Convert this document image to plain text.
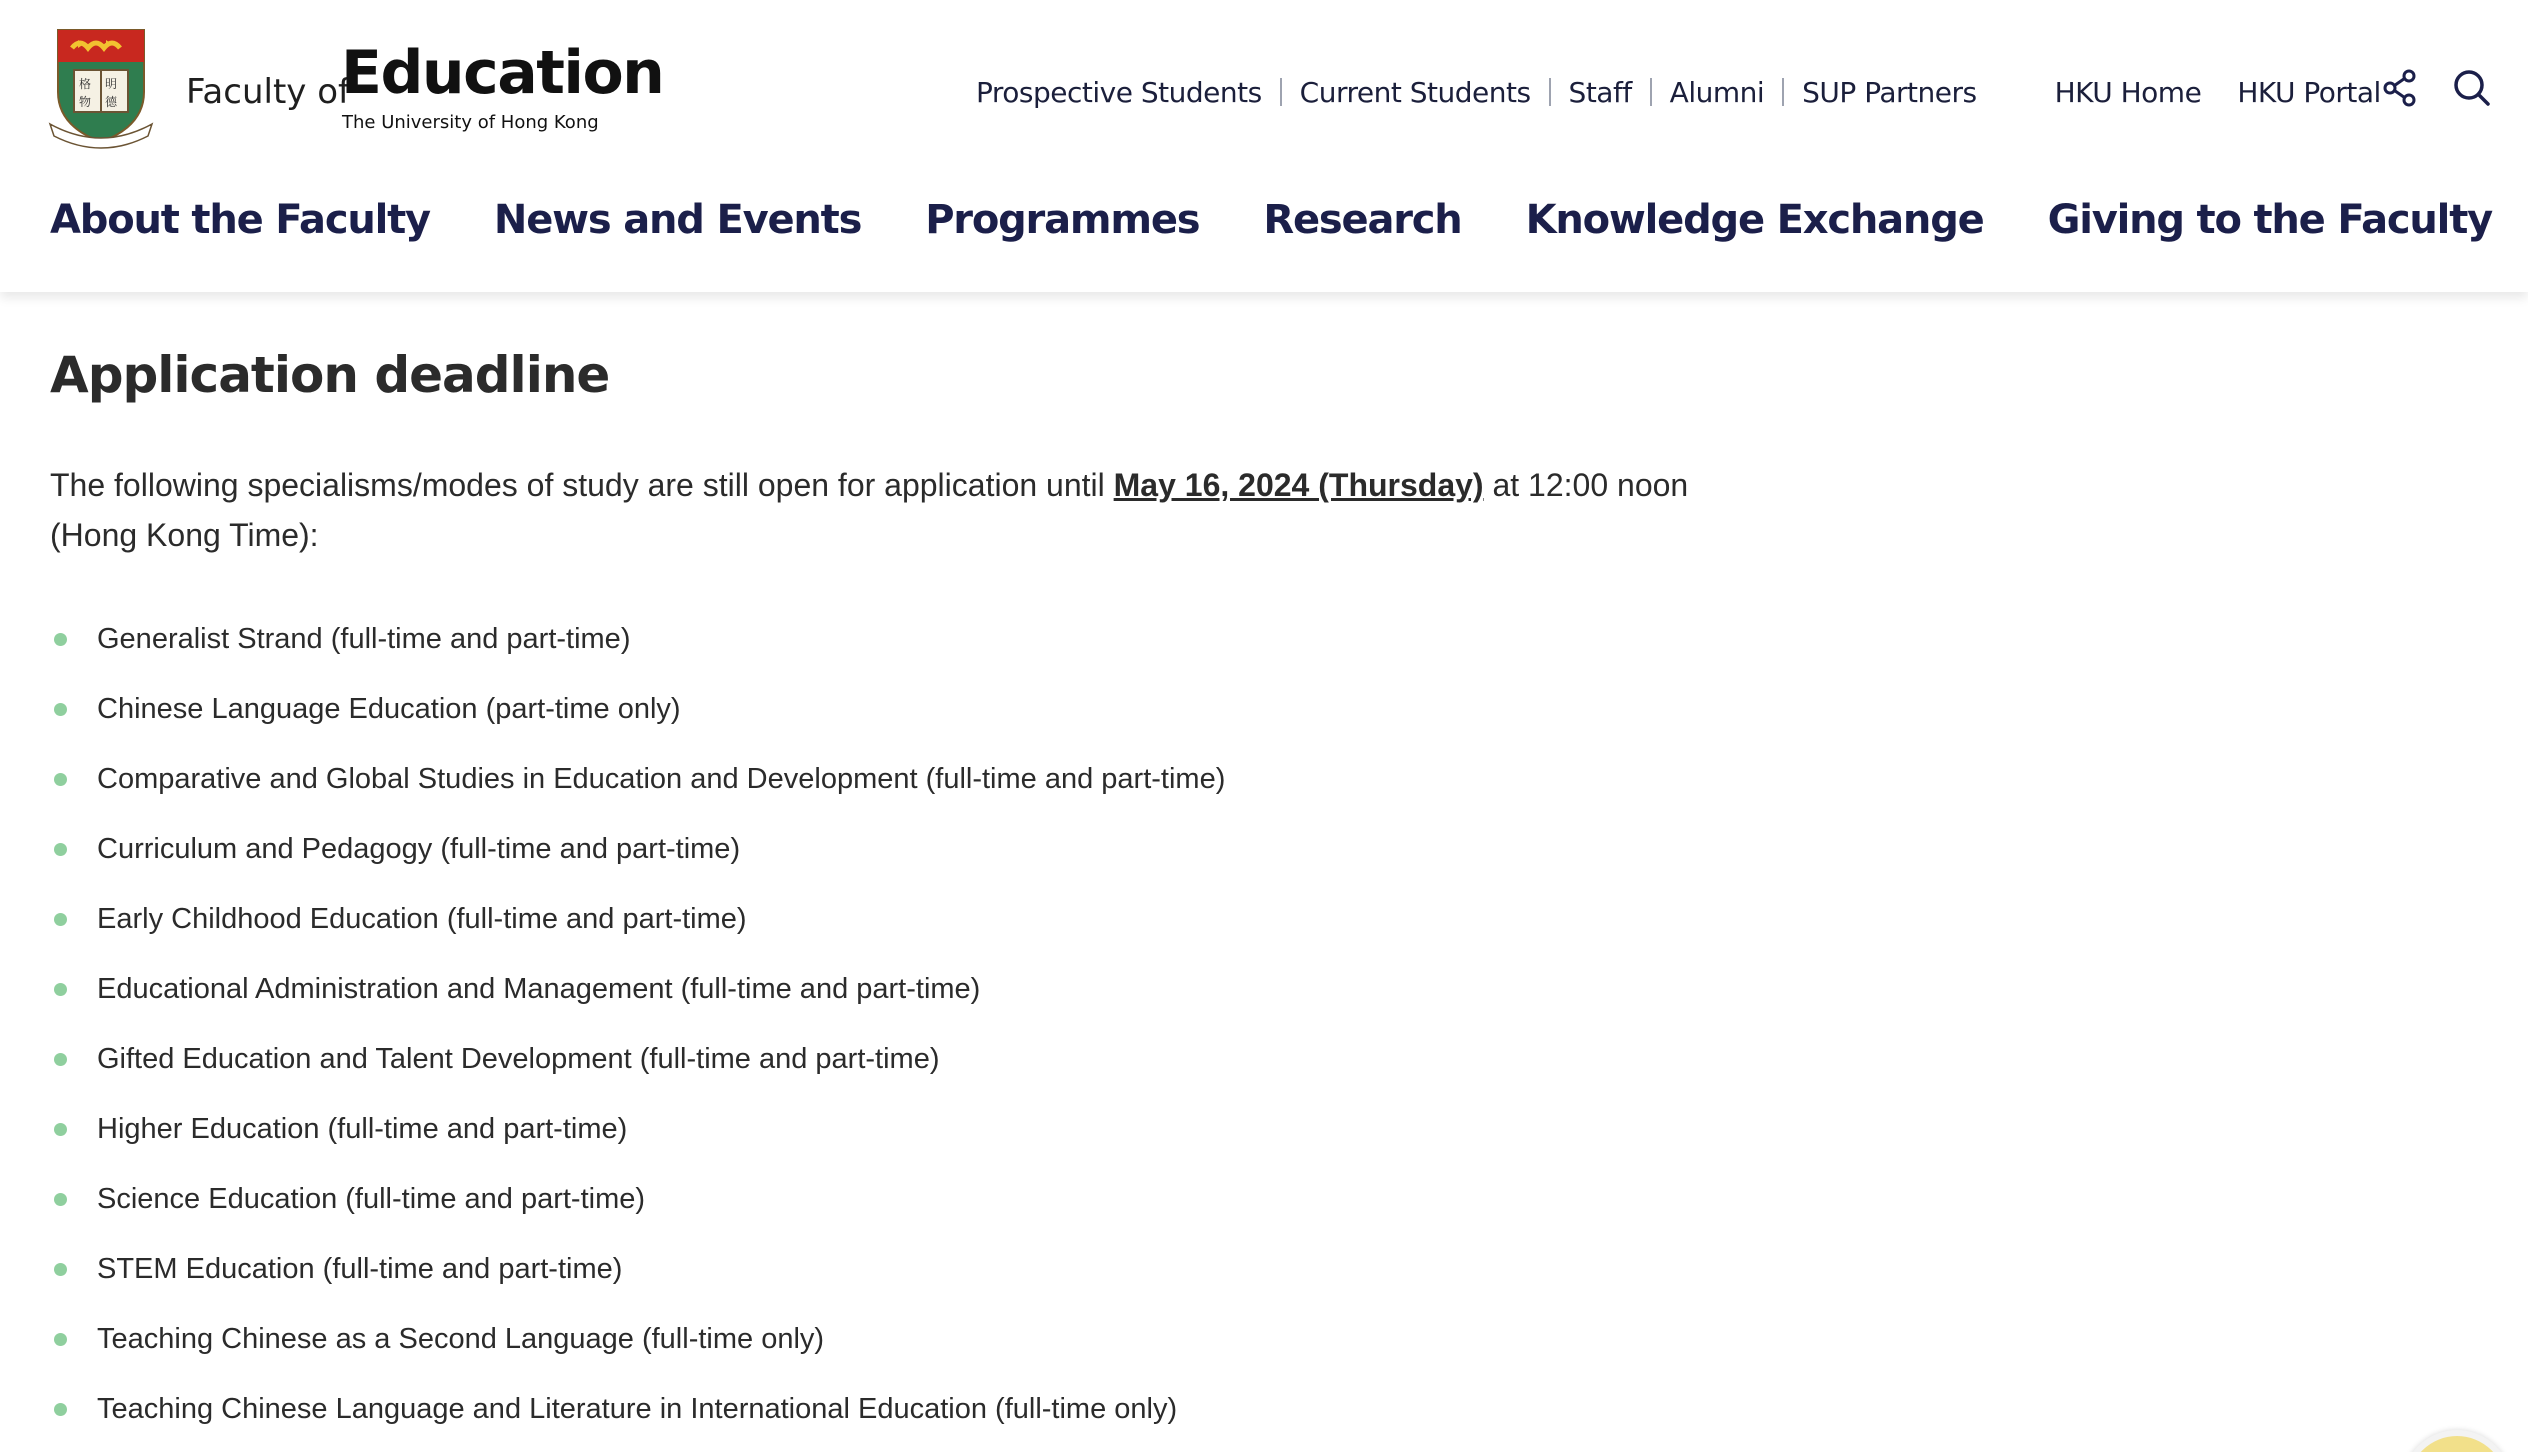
格 明
物 德 Faculty of
Education
The University of Hong Kong
Prospective Students	Current Students	Staff	Alumni	SUP Partners	HKU Home	HKU Portal
About the Faculty News and Events Programmes Research Knowledge Exchange Giving to the Faculty
Application deadline

The following specialisms/modes of study are still open for application until May 16, 2024 (Thursday) at 12:00 noon (Hong Kong Time):

Generalist Strand (full-time and part-time)
Chinese Language Education (part-time only)
Comparative and Global Studies in Education and Development (full-time and part-time)
Curriculum and Pedagogy (full-time and part-time)
Early Childhood Education (full-time and part-time)
Educational Administration and Management (full-time and part-time)
Gifted Education and Talent Development (full-time and part-time)
Higher Education (full-time and part-time)
Science Education (full-time and part-time)
STEM Education (full-time and part-time)
Teaching Chinese as a Second Language (full-time only)
Teaching Chinese Language and Literature in International Education (full-time only)
